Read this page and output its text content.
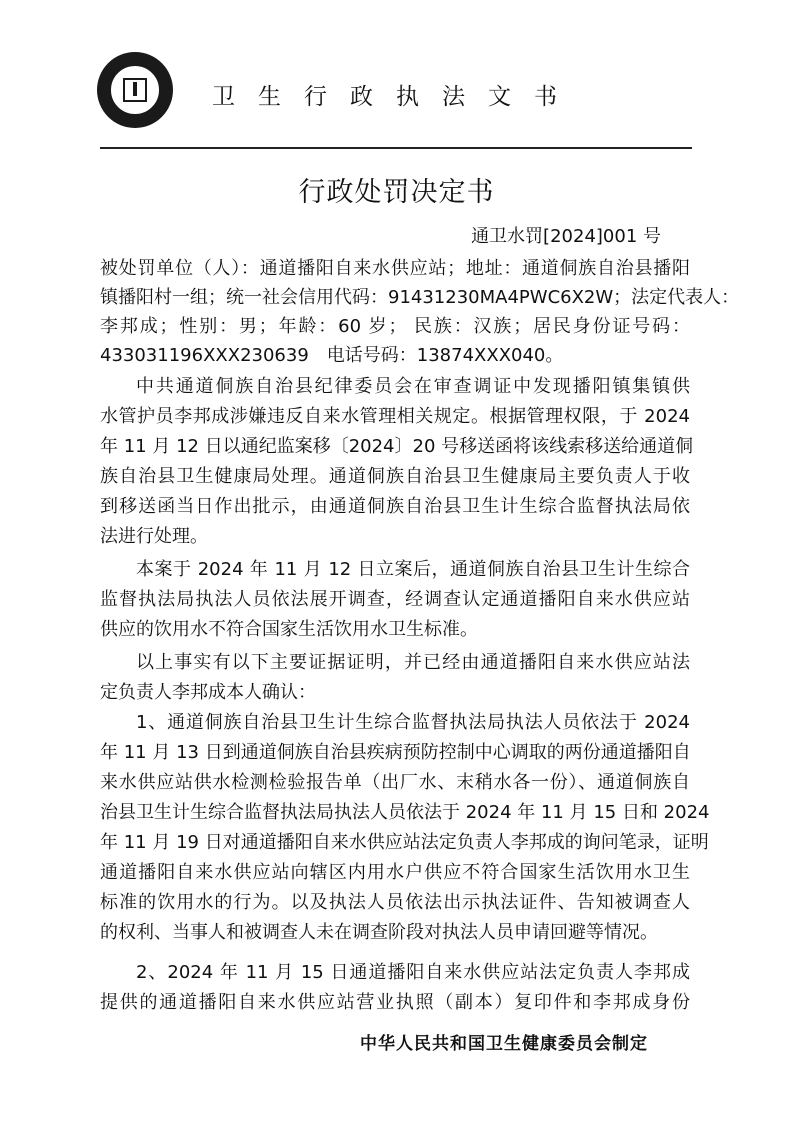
卫生行政执法文书
行政处罚决定书
通卫水罚[2024]001 号
被处罚单位（人）：通道播阳自来水供应站；地址：通道侗族自治县播阳
镇播阳村一组；统一社会信用代码：91431230MA4PWC6X2W；法定代表人：
李邦成；性别：男；年龄：60 岁； 民族：汉族；居民身份证号码：
433031196XXX230639　电话号码：13874XXX040。
中共通道侗族自治县纪律委员会在审查调证中发现播阳镇集镇供
水管护员李邦成涉嫌违反自来水管理相关规定。根据管理权限，于 2024
年 11 月 12 日以通纪监案移〔2024〕20 号移送函将该线索移送给通道侗
族自治县卫生健康局处理。通道侗族自治县卫生健康局主要负责人于收
到移送函当日作出批示，由通道侗族自治县卫生计生综合监督执法局依
法进行处理。
本案于 2024 年 11 月 12 日立案后，通道侗族自治县卫生计生综合
监督执法局执法人员依法展开调查，经调查认定通道播阳自来水供应站
供应的饮用水不符合国家生活饮用水卫生标准。
以上事实有以下主要证据证明，并已经由通道播阳自来水供应站法
定负责人李邦成本人确认：
1、通道侗族自治县卫生计生综合监督执法局执法人员依法于 2024
年 11 月 13 日到通道侗族自治县疾病预防控制中心调取的两份通道播阳自
来水供应站供水检测检验报告单（出厂水、末稍水各一份）、通道侗族自
治县卫生计生综合监督执法局执法人员依法于 2024 年 11 月 15 日和 2024
年 11 月 19 日对通道播阳自来水供应站法定负责人李邦成的询问笔录，证明
通道播阳自来水供应站向辖区内用水户供应不符合国家生活饮用水卫生
标准的饮用水的行为。以及执法人员依法出示执法证件、告知被调查人
的权利、当事人和被调查人未在调查阶段对执法人员申请回避等情况。
2、2024 年 11 月 15 日通道播阳自来水供应站法定负责人李邦成
提供的通道播阳自来水供应站营业执照（副本）复印件和李邦成身份
中华人民共和国卫生健康委员会制定
